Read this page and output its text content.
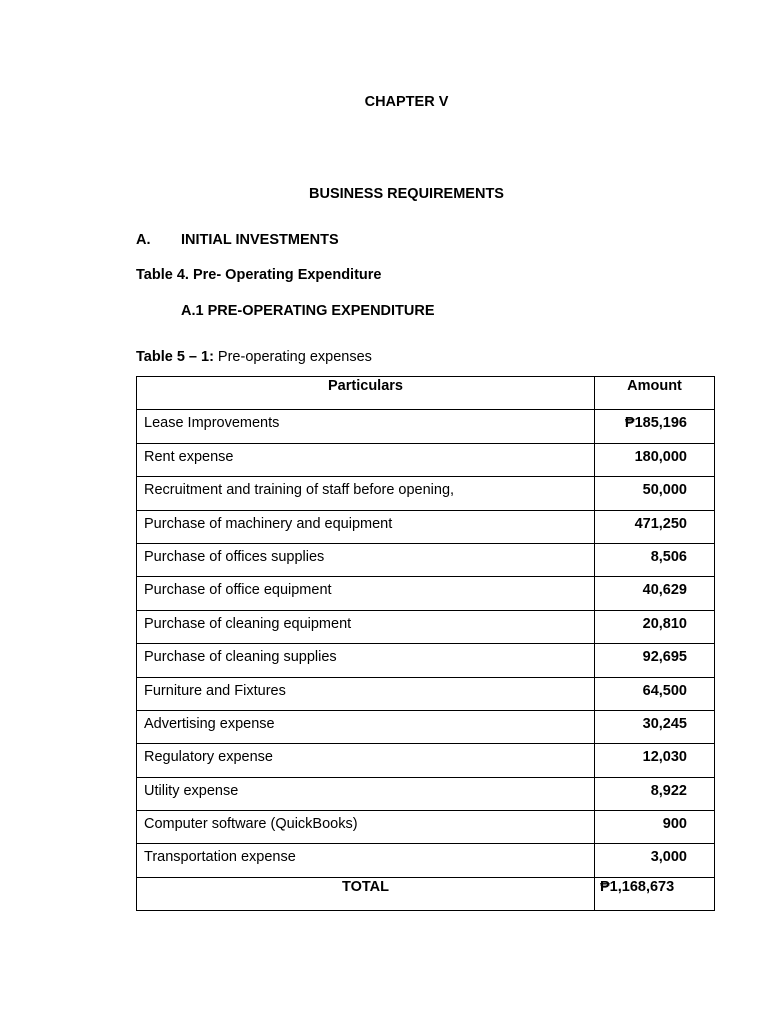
CHAPTER V
BUSINESS REQUIREMENTS
A. INITIAL INVESTMENTS
Table 4. Pre- Operating Expenditure
A.1 PRE-OPERATING EXPENDITURE
Table 5 – 1: Pre-operating expenses
Particulars	Amount
Lease Improvements	₱185,196
Rent expense	180,000
Recruitment and training of staff before opening,	50,000
Purchase of machinery and equipment	471,250
Purchase of offices supplies	8,506
Purchase of office equipment	40,629
Purchase of cleaning equipment	20,810
Purchase of cleaning supplies	92,695
Furniture and Fixtures	64,500
Advertising expense	30,245
Regulatory expense	12,030
Utility expense	8,922
Computer software (QuickBooks)	900
Transportation expense	3,000
TOTAL	₱1,168,673
